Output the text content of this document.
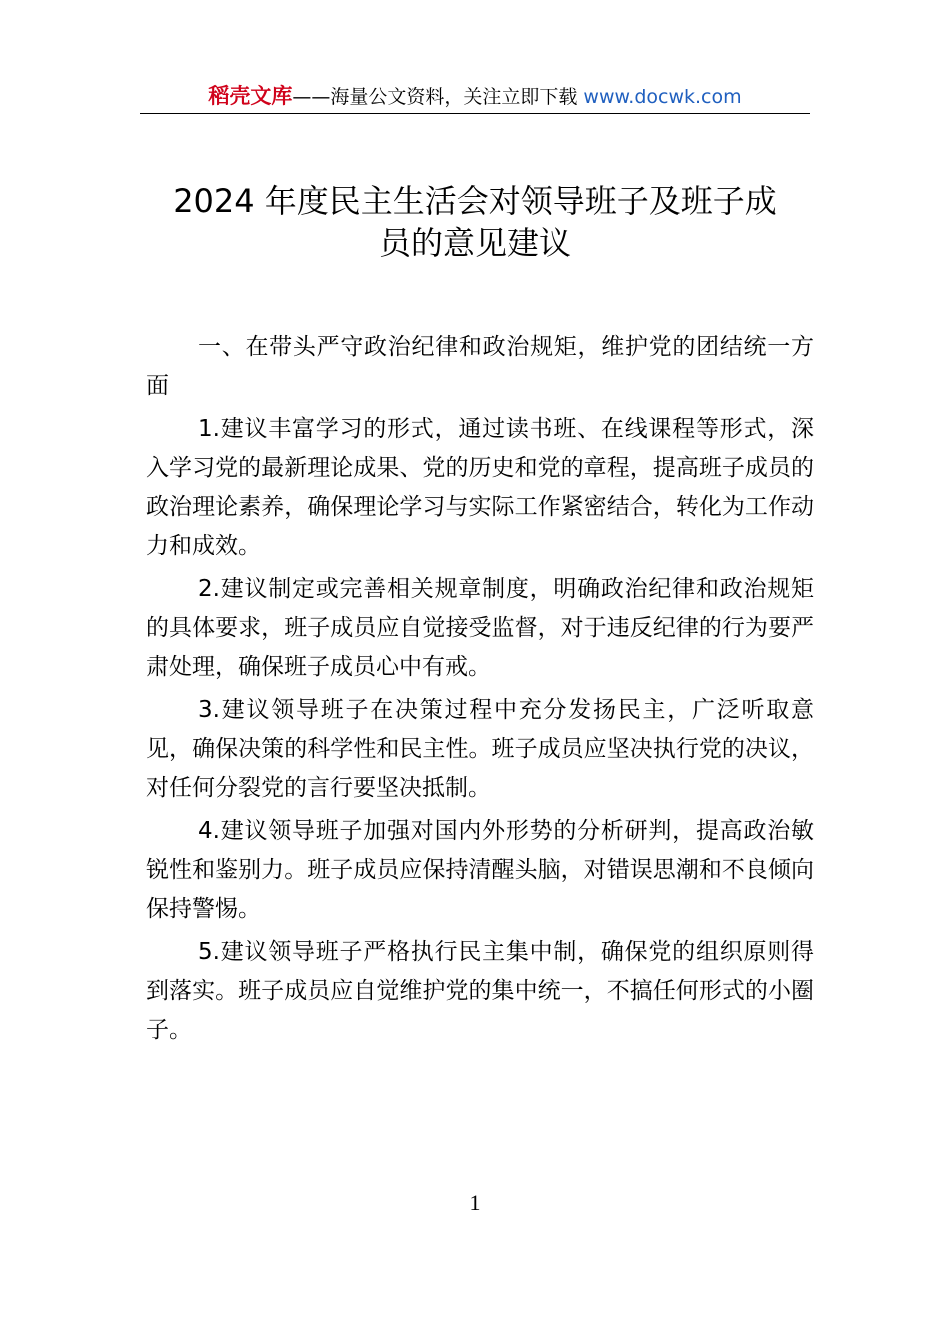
稻壳文库——海量公文资料，关注立即下载 www.docwk.com
2024 年度民主生活会对领导班子及班子成
员的意见建议

一、在带头严守政治纪律和政治规矩，维护党的团结统一方面

1.建议丰富学习的形式，通过读书班、在线课程等形式，深入学习党的最新理论成果、党的历史和党的章程，提高班子成员的政治理论素养，确保理论学习与实际工作紧密结合，转化为工作动力和成效。

2.建议制定或完善相关规章制度，明确政治纪律和政治规矩的具体要求，班子成员应自觉接受监督，对于违反纪律的行为要严肃处理，确保班子成员心中有戒。

3.建议领导班子在决策过程中充分发扬民主，广泛听取意见，确保决策的科学性和民主性。班子成员应坚决执行党的决议，对任何分裂党的言行要坚决抵制。

4.建议领导班子加强对国内外形势的分析研判，提高政治敏锐性和鉴别力。班子成员应保持清醒头脑，对错误思潮和不良倾向保持警惕。

5.建议领导班子严格执行民主集中制，确保党的组织原则得到落实。班子成员应自觉维护党的集中统一，不搞任何形式的小圈子。

1
